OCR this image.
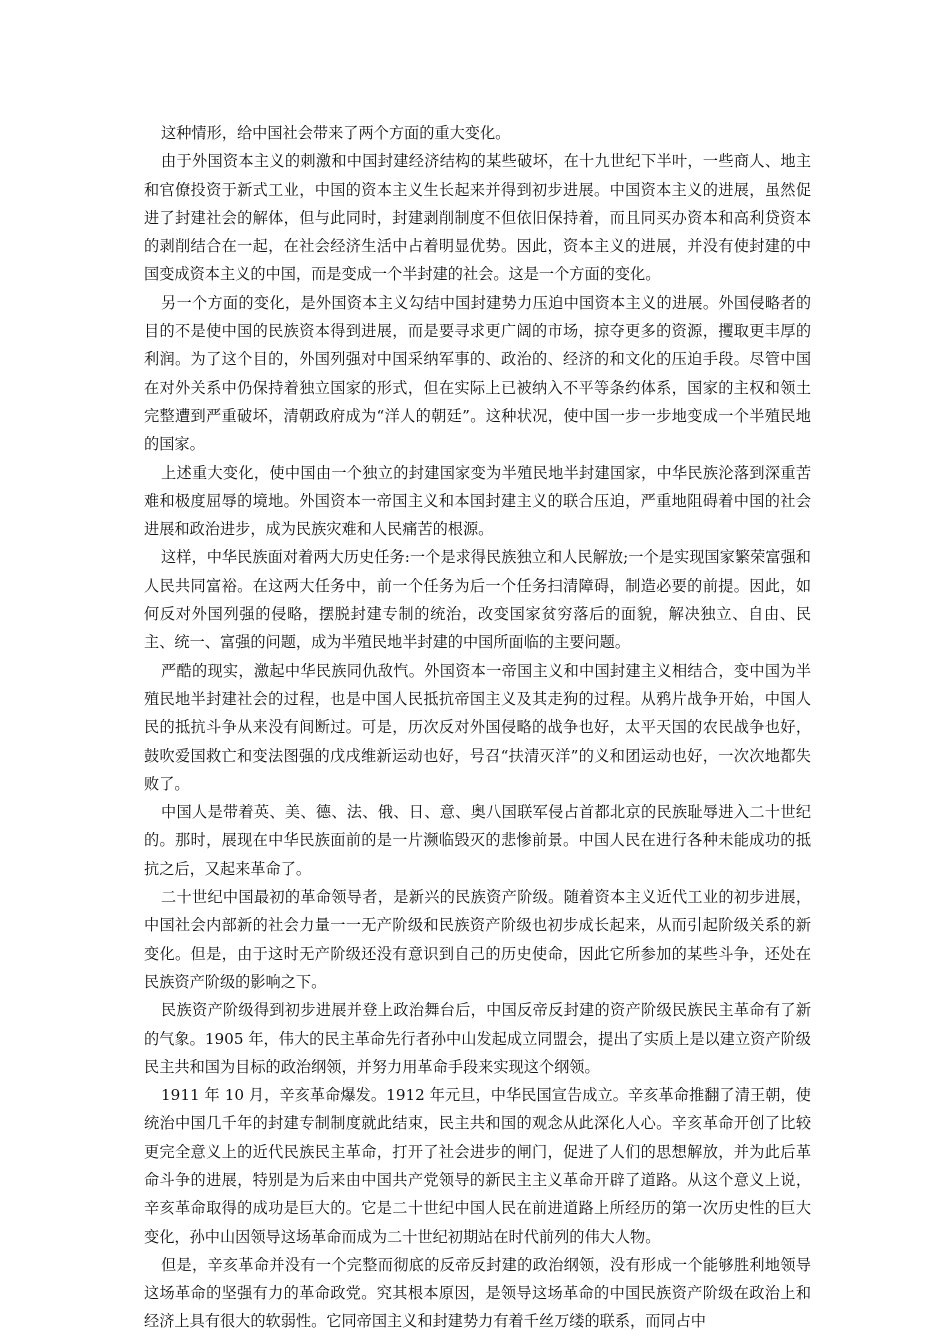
这种情形，给中国社会带来了两个方面的重大变化。

由于外国资本主义的刺激和中国封建经济结构的某些破坏，在十九世纪下半叶，一些商人、地主和官僚投资于新式工业，中国的资本主义生长起来并得到初步进展。中国资本主义的进展，虽然促进了封建社会的解体，但与此同时，封建剥削制度不但依旧保持着，而且同买办资本和高利贷资本的剥削结合在一起，在社会经济生活中占着明显优势。因此，资本主义的进展，并没有使封建的中国变成资本主义的中国，而是变成一个半封建的社会。这是一个方面的变化。

另一个方面的变化，是外国资本主义勾结中国封建势力压迫中国资本主义的进展。外国侵略者的目的不是使中国的民族资本得到进展，而是要寻求更广阔的市场，掠夺更多的资源，攫取更丰厚的利润。为了这个目的，外国列强对中国采纳军事的、政治的、经济的和文化的压迫手段。尽管中国在对外关系中仍保持着独立国家的形式，但在实际上已被纳入不平等条约体系，国家的主权和领土完整遭到严重破坏，清朝政府成为“洋人的朝廷”。这种状况，使中国一步一步地变成一个半殖民地的国家。

上述重大变化，使中国由一个独立的封建国家变为半殖民地半封建国家，中华民族沦落到深重苦难和极度屈辱的境地。外国资本一帝国主义和本国封建主义的联合压迫，严重地阻碍着中国的社会进展和政治进步，成为民族灾难和人民痛苦的根源。

这样，中华民族面对着两大历史任务:一个是求得民族独立和人民解放;一个是实现国家繁荣富强和人民共同富裕。在这两大任务中，前一个任务为后一个任务扫清障碍，制造必要的前提。因此，如何反对外国列强的侵略，摆脱封建专制的统治，改变国家贫穷落后的面貌，解决独立、自由、民主、统一、富强的问题，成为半殖民地半封建的中国所面临的主要问题。

严酷的现实，激起中华民族同仇敌忾。外国资本一帝国主义和中国封建主义相结合，变中国为半殖民地半封建社会的过程，也是中国人民抵抗帝国主义及其走狗的过程。从鸦片战争开始，中国人民的抵抗斗争从来没有间断过。可是，历次反对外国侵略的战争也好，太平天国的农民战争也好，鼓吹爱国救亡和变法图强的戊戌维新运动也好，号召“扶清灭洋”的义和团运动也好，一次次地都失败了。

中国人是带着英、美、德、法、俄、日、意、奥八国联军侵占首都北京的民族耻辱进入二十世纪的。那时，展现在中华民族面前的是一片濒临毁灭的悲惨前景。中国人民在进行各种未能成功的抵抗之后，又起来革命了。

二十世纪中国最初的革命领导者，是新兴的民族资产阶级。随着资本主义近代工业的初步进展，中国社会内部新的社会力量一一无产阶级和民族资产阶级也初步成长起来，从而引起阶级关系的新变化。但是，由于这时无产阶级还没有意识到自己的历史使命，因此它所参加的某些斗争，还处在民族资产阶级的影响之下。

民族资产阶级得到初步进展并登上政治舞台后，中国反帝反封建的资产阶级民族民主革命有了新的气象。1905 年，伟大的民主革命先行者孙中山发起成立同盟会，提出了实质上是以建立资产阶级民主共和国为目标的政治纲领，并努力用革命手段来实现这个纲领。

1911 年 10 月，辛亥革命爆发。1912 年元旦，中华民国宣告成立。辛亥革命推翻了清王朝，使统治中国几千年的封建专制制度就此结束，民主共和国的观念从此深化人心。辛亥革命开创了比较更完全意义上的近代民族民主革命，打开了社会进步的闸门，促进了人们的思想解放，并为此后革命斗争的进展，特别是为后来由中国共产党领导的新民主主义革命开辟了道路。从这个意义上说，辛亥革命取得的成功是巨大的。它是二十世纪中国人民在前进道路上所经历的第一次历史性的巨大变化，孙中山因领导这场革命而成为二十世纪初期站在时代前列的伟大人物。

但是，辛亥革命并没有一个完整而彻底的反帝反封建的政治纲领，没有形成一个能够胜利地领导这场革命的坚强有力的革命政党。究其根本原因，是领导这场革命的中国民族资产阶级在政治上和经济上具有很大的软弱性。它同帝国主义和封建势力有着千丝万缕的联系，而同占中
